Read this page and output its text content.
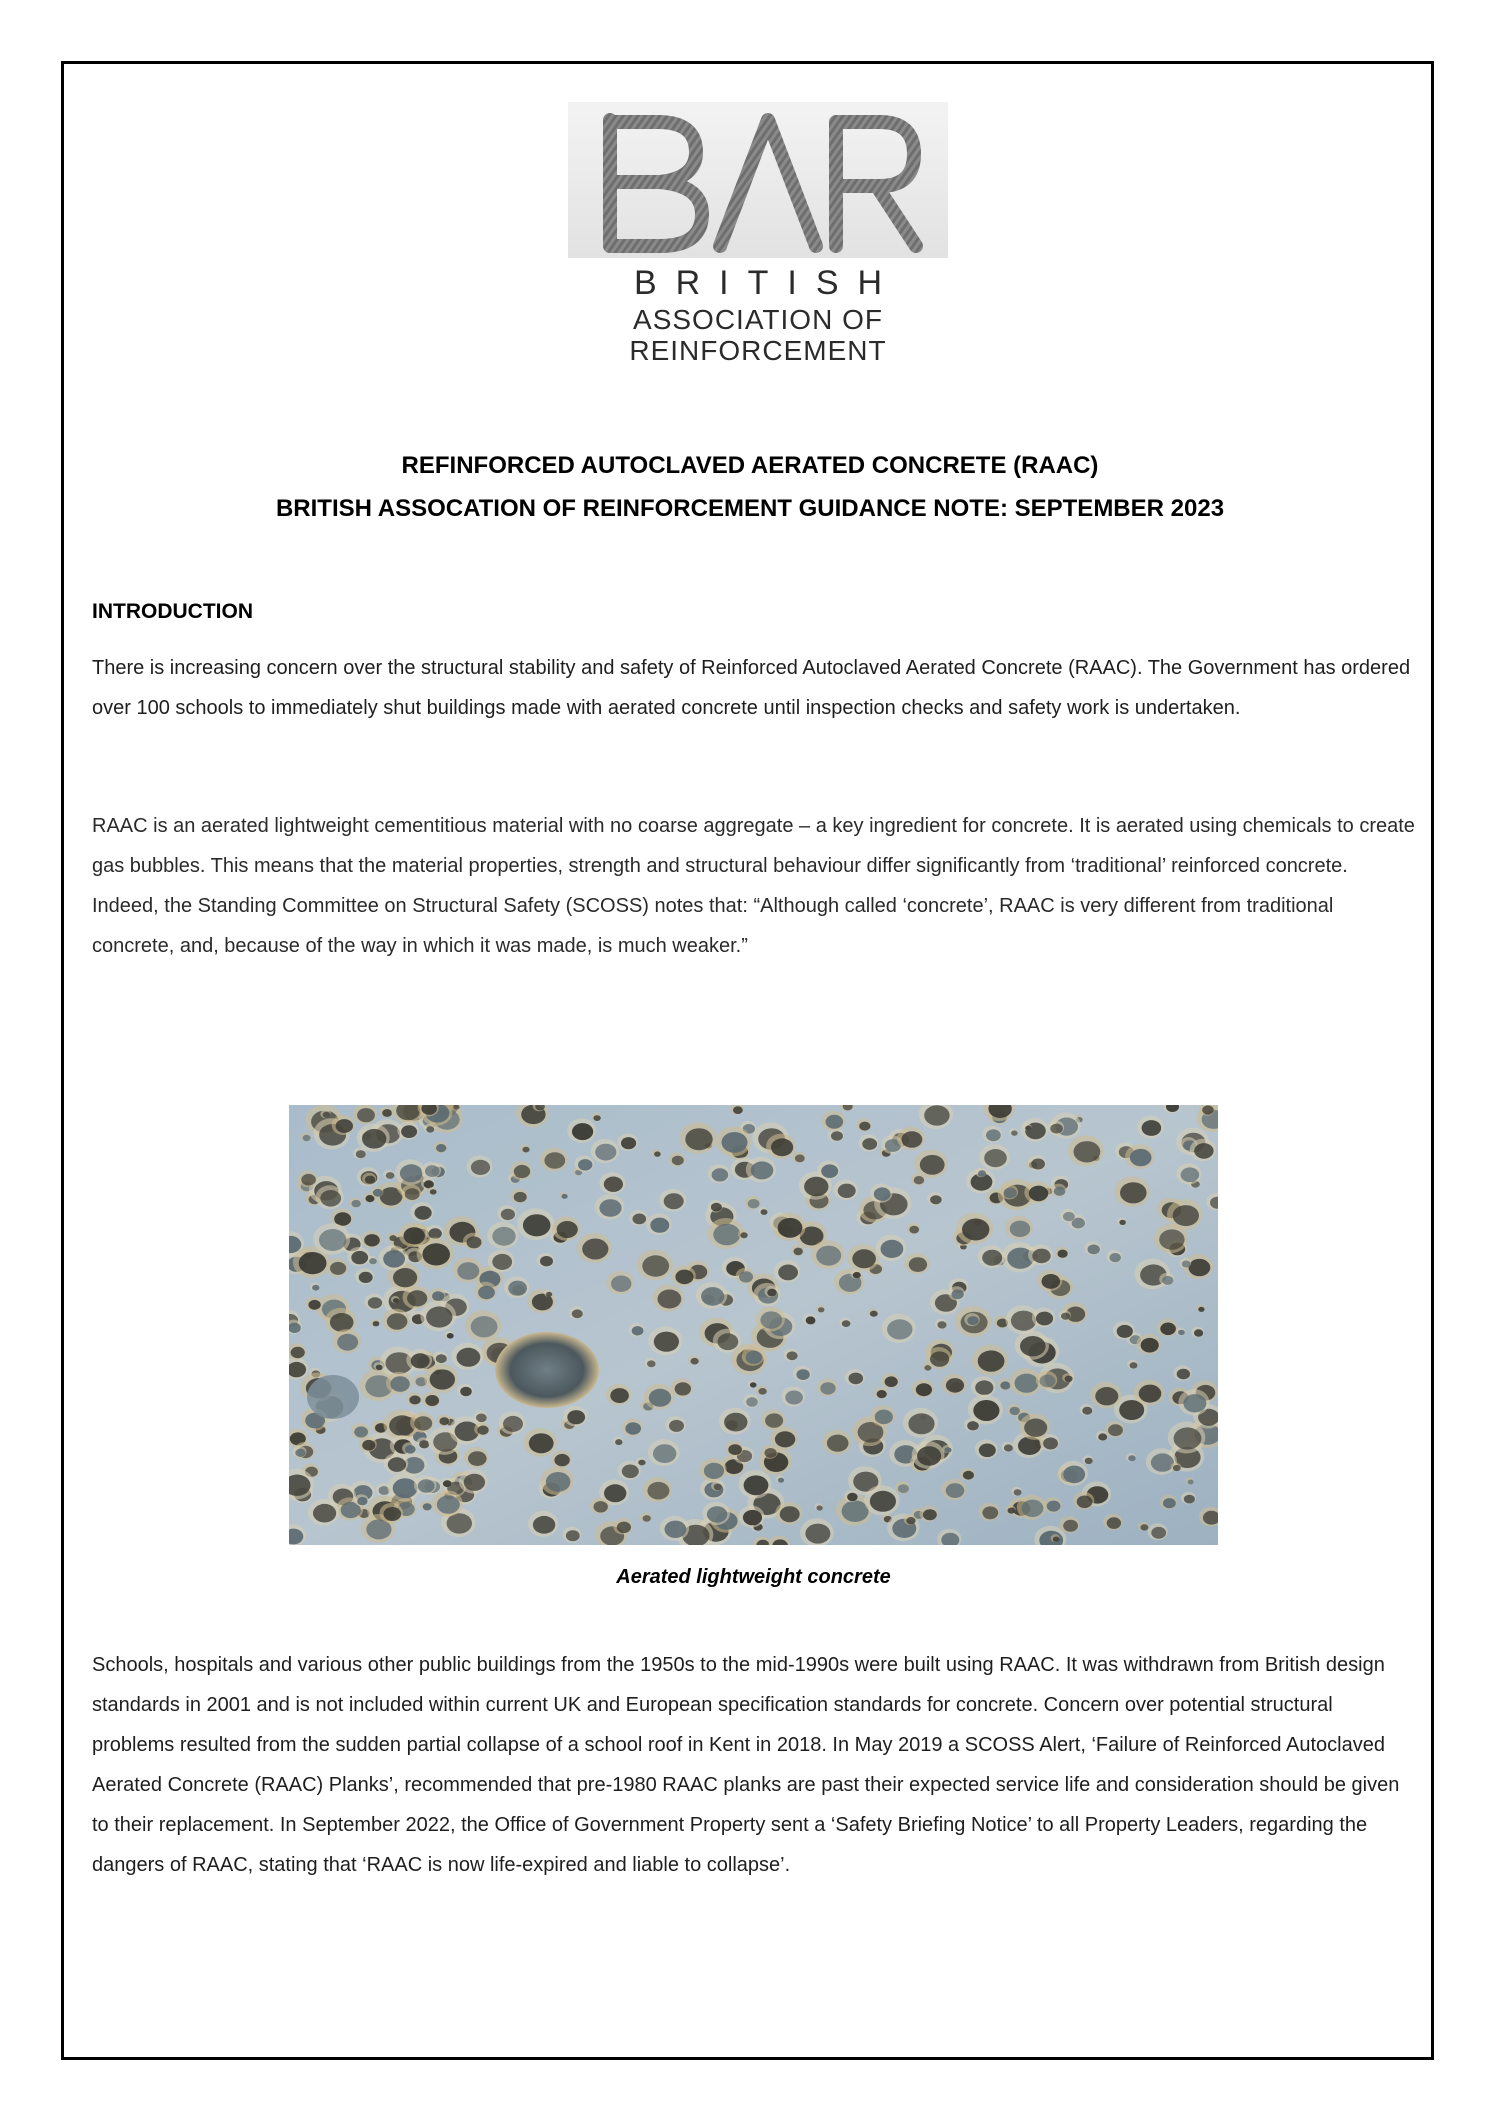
BRITISH

ASSOCIATION OF

REINFORCEMENT

REFINFORCED AUTOCLAVED AERATED CONCRETE (RAAC)
BRITISH ASSOCATION OF REINFORCEMENT GUIDANCE NOTE: SEPTEMBER 2023
INTRODUCTION

There is increasing concern over the structural stability and safety of Reinforced Autoclaved Aerated Concrete (RAAC). The Government has ordered over 100 schools to immediately shut buildings made with aerated concrete until inspection checks and safety work is undertaken.

RAAC is an aerated lightweight cementitious material with no coarse aggregate – a key ingredient for concrete. It is aerated using chemicals to create gas bubbles. This means that the material properties, strength and structural behaviour differ significantly from ‘traditional’ reinforced concrete. Indeed, the Standing Committee on Structural Safety (SCOSS) notes that: “Although called ‘concrete’, RAAC is very different from traditional concrete, and, because of the way in which it was made, is much weaker.”

Aerated lightweight concrete

Schools, hospitals and various other public buildings from the 1950s to the mid-1990s were built using RAAC. It was withdrawn from British design standards in 2001 and is not included within current UK and European specification standards for concrete. Concern over potential structural problems resulted from the sudden partial collapse of a school roof in Kent in 2018. In May 2019 a SCOSS Alert, ‘Failure of Reinforced Autoclaved Aerated Concrete (RAAC) Planks’, recommended that pre-1980 RAAC planks are past their expected service life and consideration should be given to their replacement. In September 2022, the Office of Government Property sent a ‘Safety Briefing Notice’ to all Property Leaders, regarding the dangers of RAAC, stating that ‘RAAC is now life-expired and liable to collapse’.
